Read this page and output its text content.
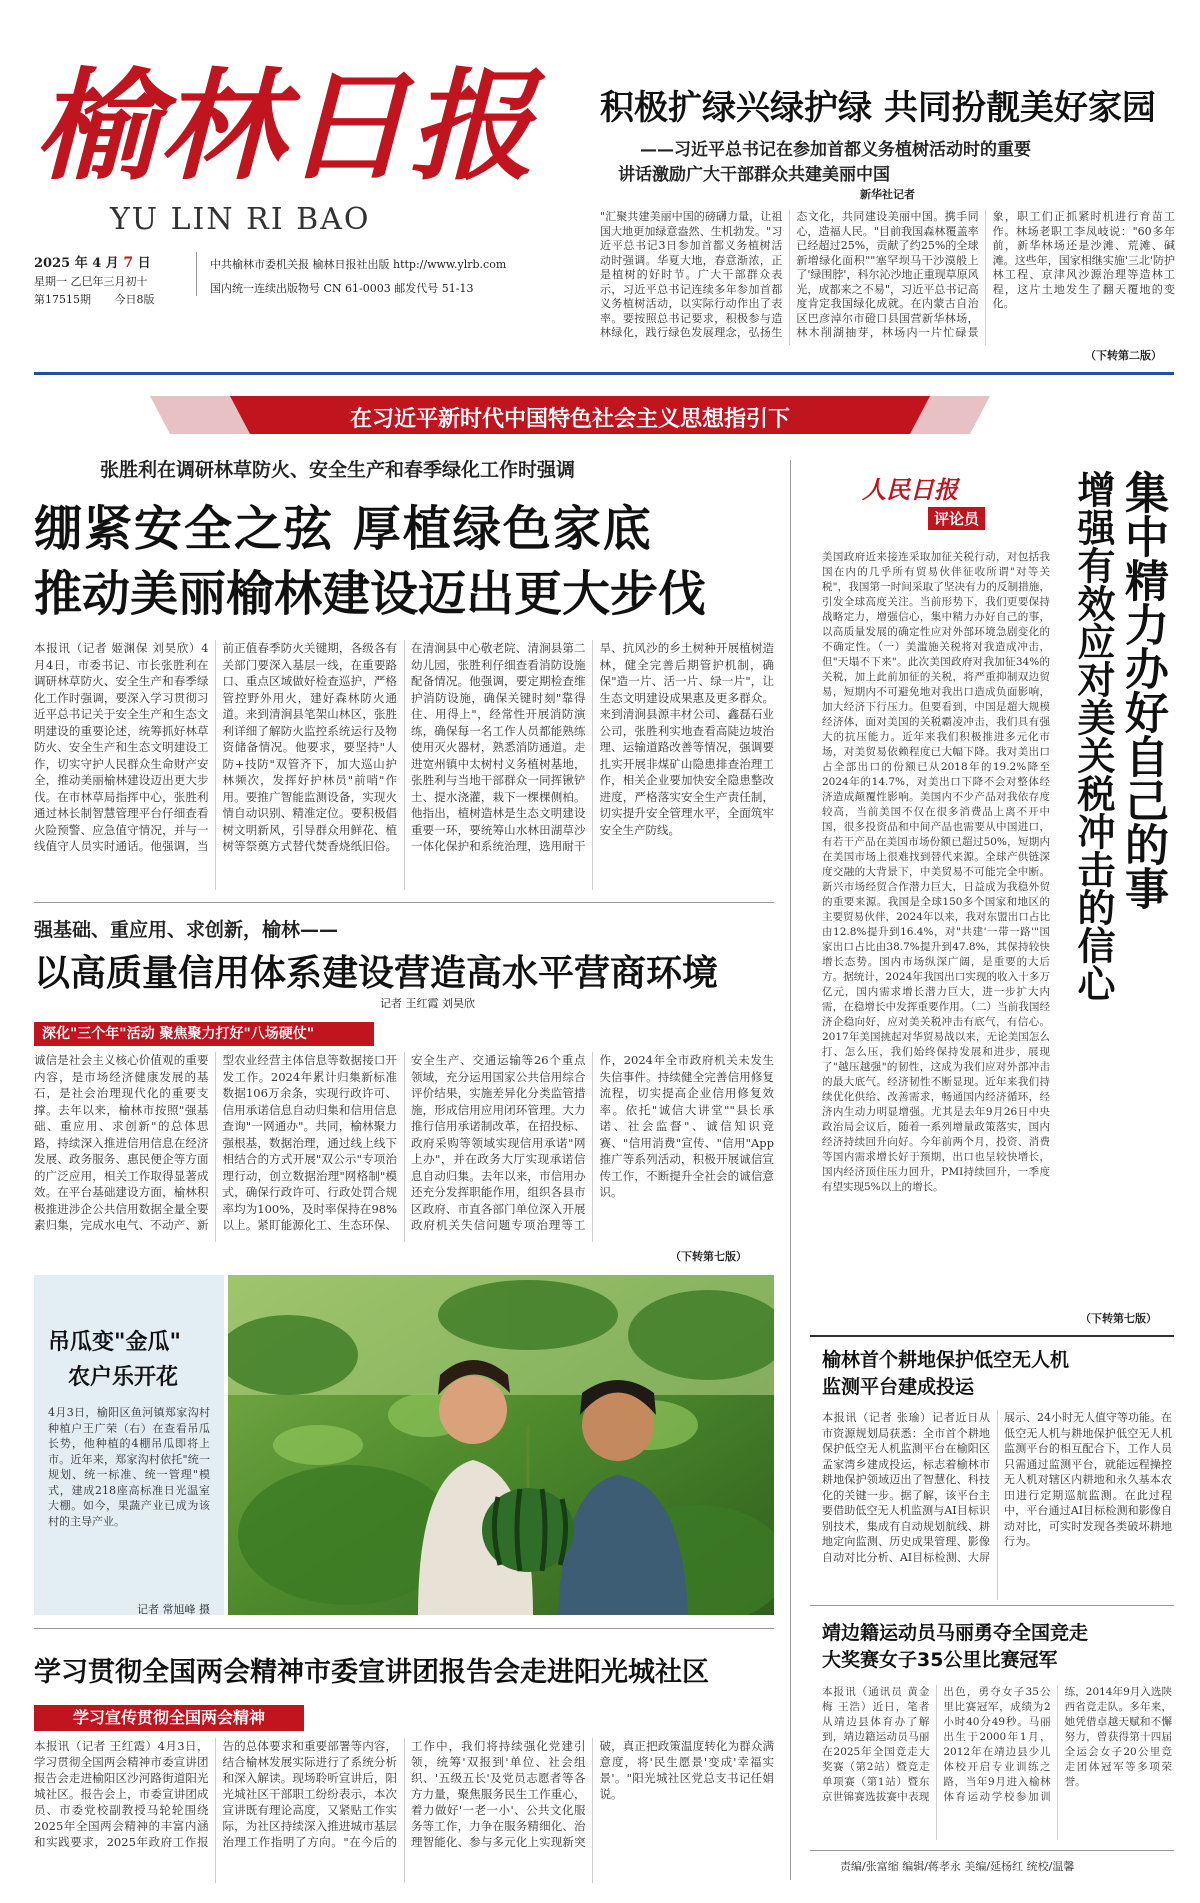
榆林日报
YU LIN RI BAO
2025 年 4 月 7 日
星期一 乙巳年三月初十
第17515期 今日8版
中共榆林市委机关报 榆林日报社出版 http://www.ylrb.com
国内统一连续出版物号 CN 61-0003 邮发代号 51-13
积极扩绿兴绿护绿 共同扮靓美好家园
——习近平总书记在参加首都义务植树活动时的重要
讲话激励广大干部群众共建美丽中国
新华社记者
"汇聚共建美丽中国的磅礴力量，让祖国大地更加绿意盎然、生机勃发。"习近平总书记3日参加首都义务植树活动时强调。华夏大地，春意渐浓，正是植树的好时节。广大干部群众表示，习近平总书记连续多年参加首都义务植树活动，以实际行动作出了表率。要按照总书记要求，积极参与造林绿化，践行绿色发展理念，弘扬生态文化，共同建设美丽中国。携手同心，造福人民。"目前我国森林覆盖率已经超过25%，贡献了约25%的全球新增绿化面积""塞罕坝马干沙漠般上了'绿围脖'，科尔沁沙地正重现草原风光，成都来之不易"，习近平总书记高度肯定我国绿化成就。在内蒙古自治区巴彦淖尔市磴口县国营新华林场，林木削湖抽芽，林场内一片忙碌景象，职工们正抓紧时机进行育苗工作。林场老职工李凤岐说："60多年前，新华林场还是沙滩、荒滩、碱滩。这些年，国家相继实施'三北'防护林工程、京津风沙源治理等造林工程，这片土地发生了翻天覆地的变化。
（下转第二版）
在习近平新时代中国特色社会主义思想指引下
张胜利在调研林草防火、安全生产和春季绿化工作时强调
绷紧安全之弦 厚植绿色家底
推动美丽榆林建设迈出更大步伐
本报讯（记者 姬渊保 刘昊欣）4月4日，市委书记、市长张胜利在调研林草防火、安全生产和春季绿化工作时强调，要深入学习贯彻习近平总书记关于安全生产和生态文明建设的重要论述，统筹抓好林草防火、安全生产和生态文明建设工作，切实守护人民群众生命财产安全，推动美丽榆林建设迈出更大步伐。在市林草局指挥中心，张胜利通过林长制智慧管理平台仔细查看火险预警、应急值守情况，并与一线值守人员实时通话。他强调，当前正值春季防火关键期，各级各有关部门要深入基层一线，在重要路口、重点区域做好检查巡护，严格管控野外用火，建好森林防火通道。来到清涧县笔架山林区，张胜利详细了解防火监控系统运行及物资储备情况。他要求，要坚持"人防+技防"双管齐下，加大巡山护林频次，发挥好护林员"前哨"作用。要推广智能监测设备，实现火情自动识别、精准定位。要积极倡树文明新风，引导群众用鲜花、植树等祭奠方式替代焚香烧纸旧俗。在清涧县中心敬老院、清涧县第二幼儿园，张胜利仔细查看消防设施配备情况。他强调，要定期检查维护消防设施，确保关键时刻"靠得住、用得上"，经常性开展消防演练，确保每一名工作人员都能熟练使用灭火器材，熟悉消防通道。走进宽州镇中太树村义务植树基地，张胜利与当地干部群众一同挥锹铲土、提水浇灌，栽下一棵棵侧柏。他指出，植树造林是生态文明建设重要一环，要统筹山水林田湖草沙一体化保护和系统治理，选用耐干旱、抗风沙的乡土树种开展植树造林，健全完善后期管护机制，确保"造一片、活一片、绿一片"，让生态文明建设成果惠及更多群众。来到清涧县源丰材公司、鑫磊石业公司，张胜利实地查看高陡边坡治理、运输道路改善等情况，强调要扎实开展非煤矿山隐患排查治理工作，相关企业要加快安全隐患整改进度，严格落实安全生产责任制，切实提升安全管理水平，全面筑牢安全生产防线。
强基础、重应用、求创新，榆林——
以高质量信用体系建设营造高水平营商环境
记者 王红霞 刘昊欣
深化"三个年"活动 聚焦聚力打好"八场硬仗"
诚信是社会主义核心价值观的重要内容，是市场经济健康发展的基石，是社会治理现代化的重要支撑。去年以来，榆林市按照"强基础、重应用、求创新"的总体思路，持续深入推进信用信息在经济发展、政务服务、惠民便企等方面的广泛应用，相关工作取得显著成效。在平台基础建设方面，榆林积极推进涉企公共信用数据全量全要素归集，完成水电气、不动产、新型农业经营主体信息等数据接口开发工作。2024年累计归集新标准数据106万余条，实现行政许可、信用承诺信息自动归集和信用信息查询"一网通办"。共同，榆林聚力强根基，数据治理，通过线上线下相结合的方式开展"双公示"专项治理行动，创立数据治理"网格制"模式，确保行政许可、行政处罚合规率均为100%，及时率保持在98%以上。紧盯能源化工、生态环保、安全生产、交通运输等26个重点领域，充分运用国家公共信用综合评价结果，实施差异化分类监管措施，形成信用应用闭环管理。大力推行信用承诺制改革，在招投标、政府采购等领域实现信用承诺"网上办"，并在政务大厅实现承诺信息自动归集。去年以来，市信用办还充分发挥职能作用，组织各县市区政府、市直各部门单位深入开展政府机关失信问题专项治理等工作，2024年全市政府机关未发生失信事件。持续健全完善信用修复流程，切实提高企业信用修复效率。依托"诚信大讲堂""县长承诺、社会监督"、诚信知识竞赛、"信用消费"宣传、"信用"App推广等系列活动，积极开展诚信宣传工作，不断提升全社会的诚信意识。
（下转第七版）
吊瓜变"金瓜"
农户乐开花
4月3日，榆阳区鱼河镇郑家沟村种植户王广荣（右）在查看吊瓜长势，他种植的4棚吊瓜即将上市。近年来，郑家沟村依托"统一规划、统一标准、统一管理"模式，建成218座高标准日光温室大棚。如今，果蔬产业已成为该村的主导产业。
记者 常旭峰 摄
学习贯彻全国两会精神市委宣讲团报告会走进阳光城社区
学习宣传贯彻全国两会精神
本报讯（记者 王红霞）4月3日，学习贯彻全国两会精神市委宣讲团报告会走进榆阳区沙河路街道阳光城社区。报告会上，市委宣讲团成员、市委党校副教授马轮轮围绕2025年全国两会精神的丰富内涵和实践要求，2025年政府工作报告的总体要求和重要部署等内容，结合榆林发展实际进行了系统分析和深入解读。现场聆听宣讲后，阳光城社区干部职工纷纷表示，本次宣讲既有理论高度，又紧贴工作实际，为社区持续深入推进城市基层治理工作指明了方向。"在今后的工作中，我们将持续强化党建引领，统筹'双报到'单位、社会组织、'五级五长'及党员志愿者等各方力量，聚焦服务民生工作重心，着力做好'一老一小'、公共文化服务等工作，力争在服务精细化、治理智能化、参与多元化上实现新突破，真正把政策温度转化为群众满意度，将'民生愿景'变成'幸福实景'。"阳光城社区党总支书记任娟说。
人民日报
评论员	集中精力办好自己的事
增强有效应对美关税冲击的信心
美国政府近来接连采取加征关税行动，对包括我国在内的几乎所有贸易伙伴征收所谓"对等关税"，我国第一时间采取了坚决有力的反制措施，引发全球高度关注。当前形势下，我们更要保持战略定力，增强信心，集中精力办好自己的事，以高质量发展的确定性应对外部环境急剧变化的不确定性。（一）美滥施关税将对我造成冲击，但"天塌不下来"。此次美国政府对我加征34%的关税，加上此前加征的关税，将严重抑制双边贸易，短期内不可避免地对我出口造成负面影响，加大经济下行压力。但要看到，中国是超大规模经济体，面对美国的关税霸凌冲击，我们具有强大的抗压能力。近年来我们积极推进多元化市场，对美贸易依赖程度已大幅下降。我对美出口占全部出口的份额已从2018年的19.2%降至2024年的14.7%，对美出口下降不会对整体经济造成颠覆性影响。美国内不少产品对我依存度较高，当前美国不仅在很多消费品上离不开中国，很多投资品和中间产品也需要从中国进口，有若干产品在美国市场份额已超过50%，短期内在美国市场上很难找到替代来源。全球产供链深度交融的大背景下，中美贸易不可能完全中断。新兴市场经贸合作潜力巨大，日益成为我稳外贸的重要来源。我国是全球150多个国家和地区的主要贸易伙伴，2024年以来，我对东盟出口占比由12.8%提升到16.4%，对"共建'一带一路'"国家出口占比由38.7%提升到47.8%，其保持较快增长态势。国内市场纵深广阔，是重要的大后方。据统计，2024年我国出口实现的收入十多万亿元，国内需求增长潜力巨大，进一步扩大内需，在稳增长中发挥重要作用。（二）当前我国经济企稳向好，应对美关税冲击有底气，有信心。2017年美国挑起对华贸易战以来，无论美国怎么打、怎么压，我们始终保持发展和进步，展现了"越压越强"的韧性，这成为我们应对外部冲击的最大底气。经济韧性不断显现。近年来我们持续优化供给、改善需求，畅通国内经济循环，经济内生动力明显增强。尤其是去年9月26日中央政治局会议后，随着一系列增量政策落实，国内经济持续回升向好。今年前两个月，投资、消费等国内需求增长好于预期，出口也呈较快增长，国内经济顶住压力回升，PMI持续回升，一季度有望实现5%以上的增长。
（下转第七版）
榆林首个耕地保护低空无人机
监测平台建成投运
本报讯（记者 张瑜）记者近日从市资源规划局获悉：全市首个耕地保护低空无人机监测平台在榆阳区孟家湾乡建成投运，标志着榆林市耕地保护领域迈出了智慧化、科技化的关键一步。据了解，该平台主要借助低空无人机监测与AI目标识别技术，集成有自动规划航线、耕地定向监测、历史成果管理、影像自动对比分析、AI目标检测、大屏展示、24小时无人值守等功能。在低空无人机与耕地保护低空无人机监测平台的相互配合下，工作人员只需通过监测平台，就能远程操控无人机对辖区内耕地和永久基本农田进行定期巡航监测。在此过程中，平台通过AI目标检测和影像自动对比，可实时发现各类破坏耕地行为。
靖边籍运动员马丽勇夺全国竞走
大奖赛女子35公里比赛冠军
本报讯（通讯员 黄金梅 王浩）近日，笔者从靖边县体育办了解到，靖边籍运动员马丽在2025年全国竞走大奖赛（第2站）暨竞走单项赛（第1站）暨东京世锦赛选拔赛中表现出色，勇夺女子35公里比赛冠军，成绩为2小时40分49秒。马丽出生于2000年1月，2012年在靖边县少儿体校开启专业训练之路，当年9月进入榆林体育运动学校参加训练，2014年9月入选陕西省竞走队。多年来，她凭借卓越天赋和不懈努力，曾获得第十四届全运会女子20公里竞走团体冠军等多项荣誉。
责编/张富缩 编辑/蒋孝永 美编/延杨红 统校/温馨
